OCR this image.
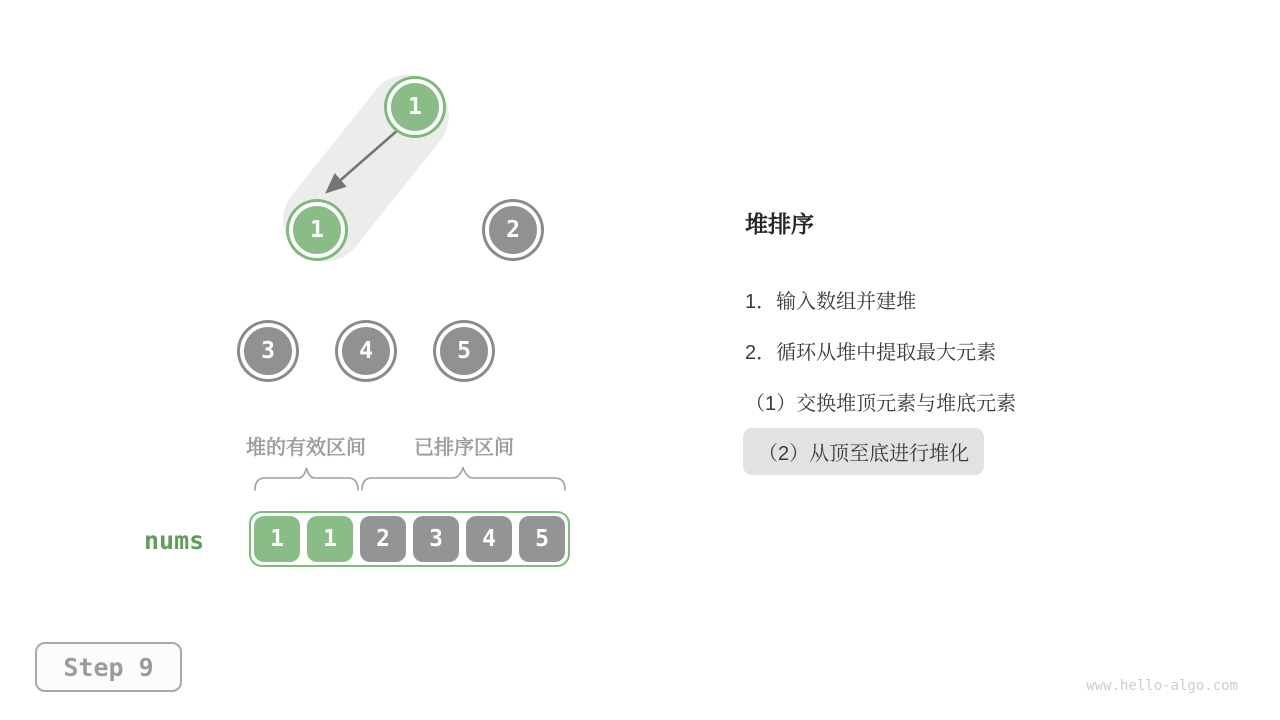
1
1	2
3	4	5
堆的有效区间 已排序区间
nums	1	1	2	3	4	5
堆排序
1．输入数组并建堆
2．循环从堆中提取最大元素
（1）交换堆顶元素与堆底元素
（2）从顶至底进行堆化
Step 9
www.hello-algo.com
